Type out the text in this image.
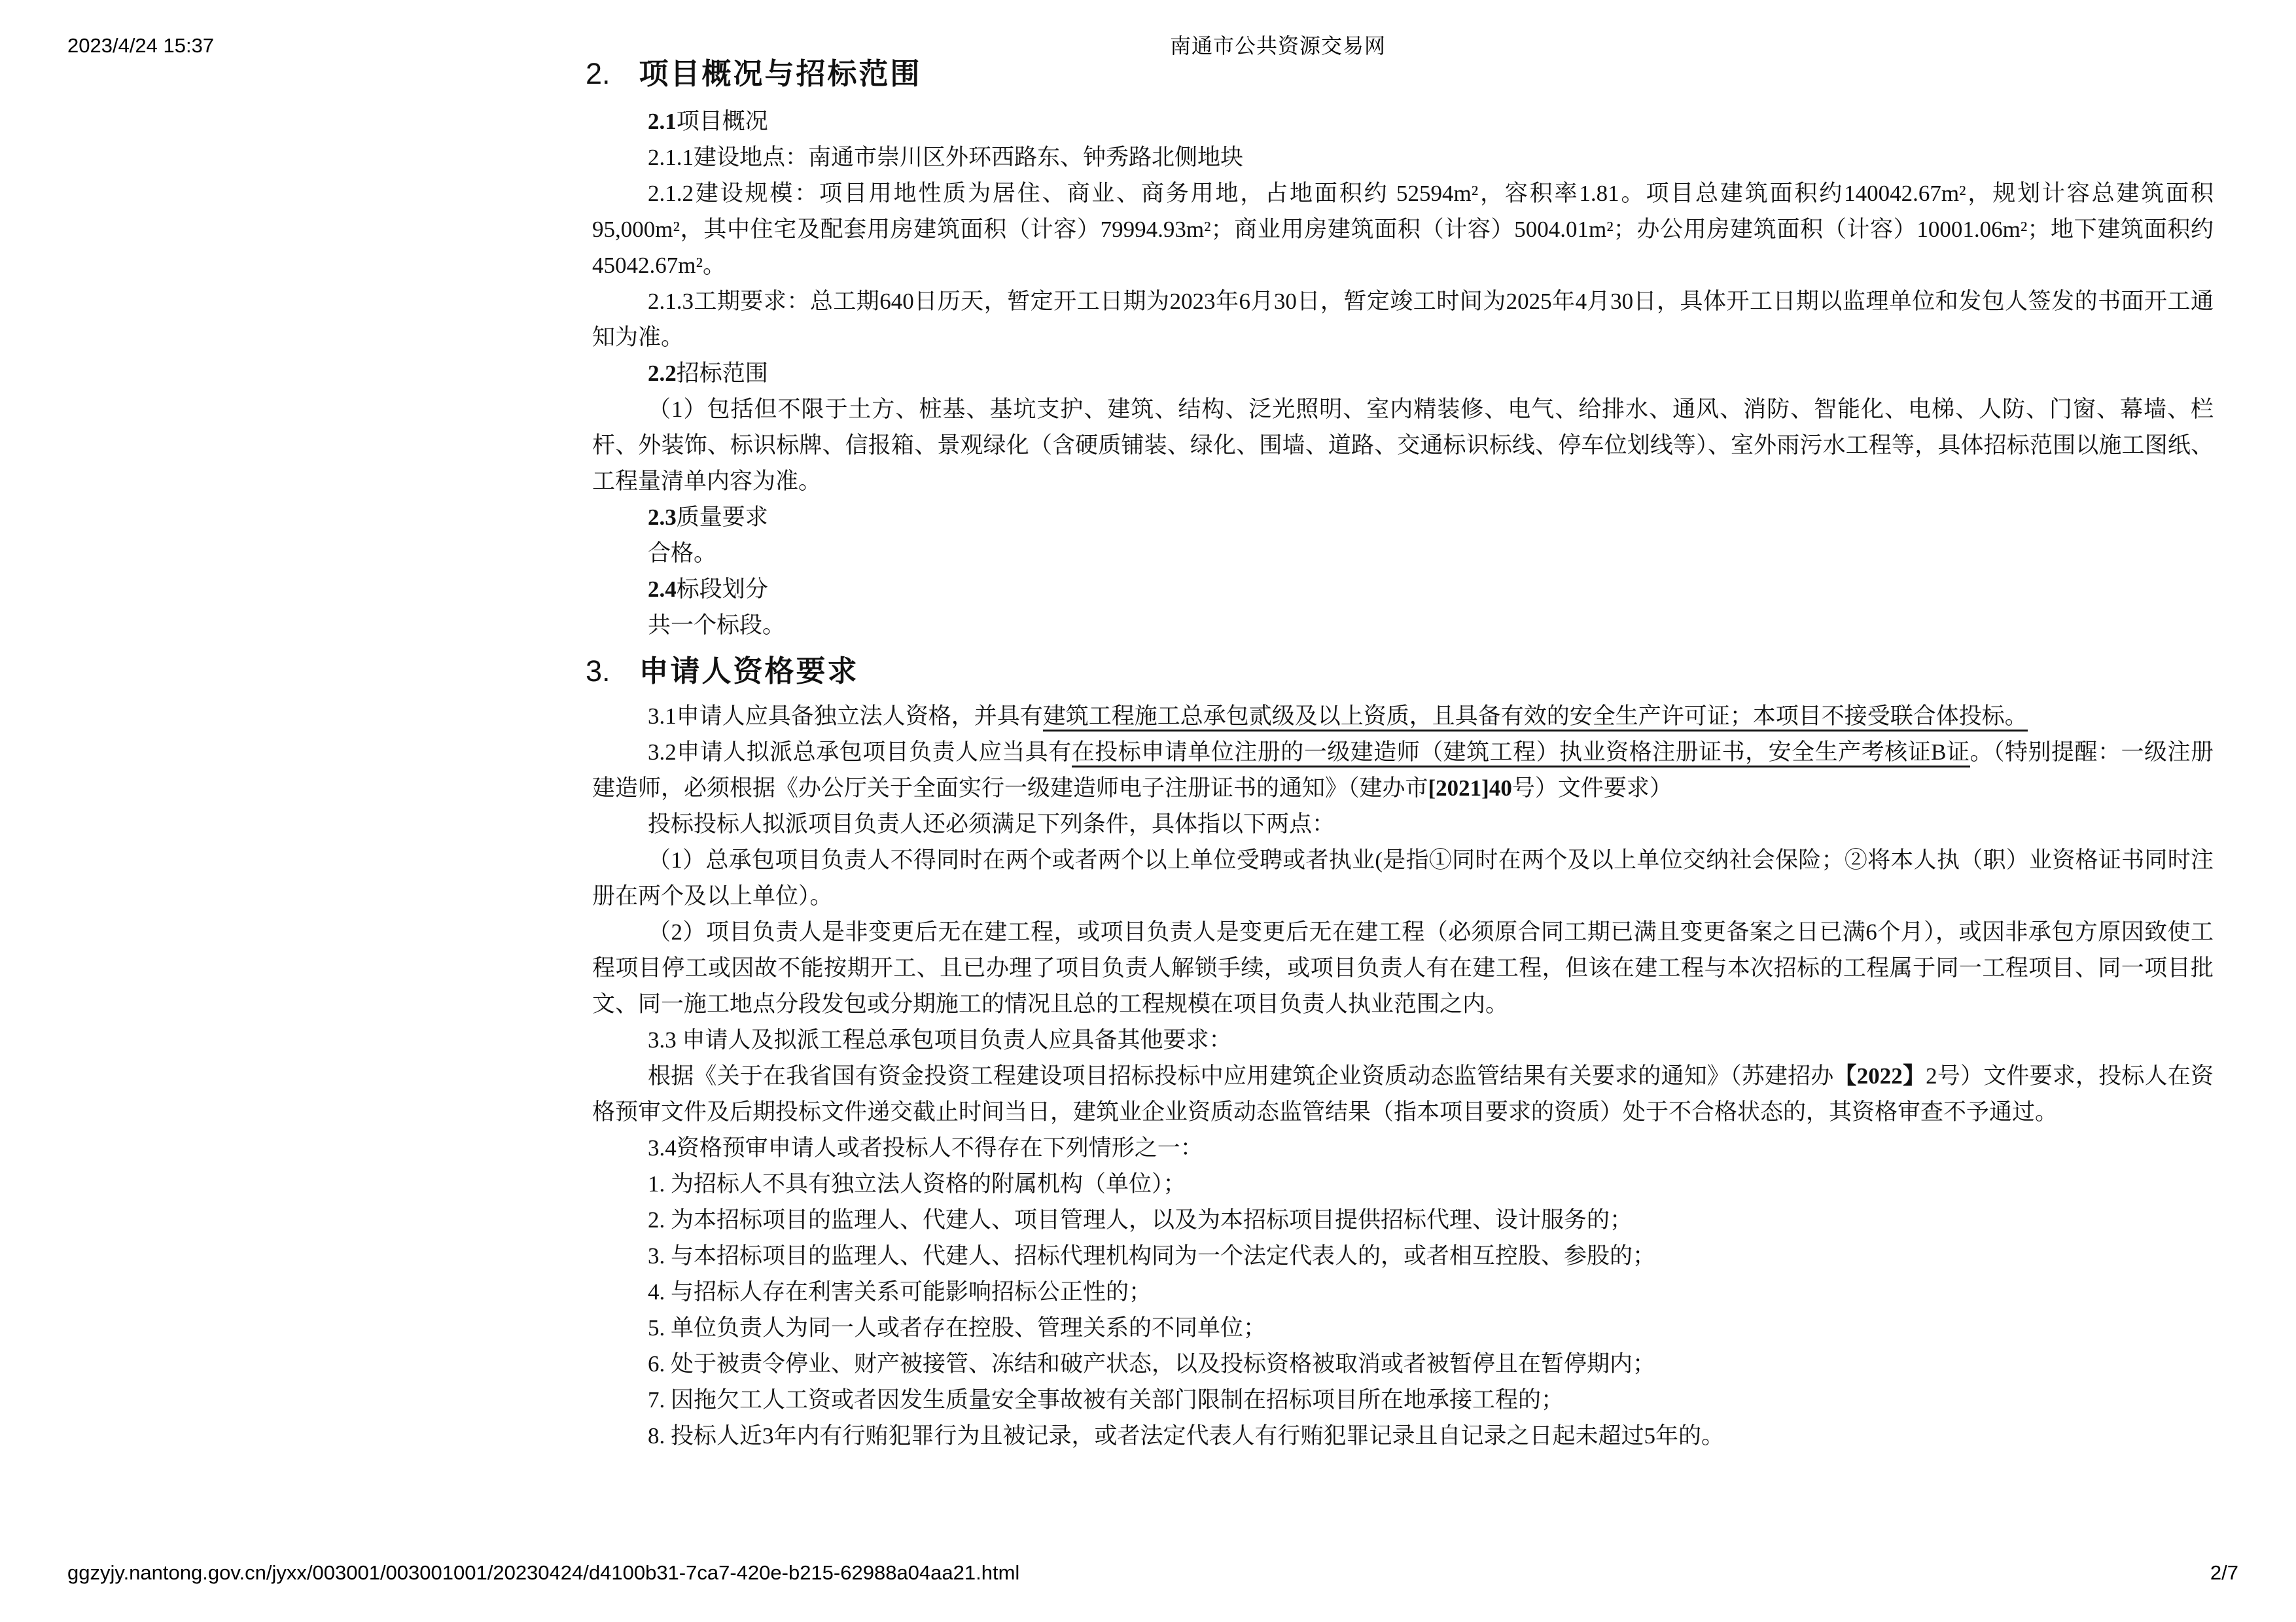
2023/4/24 15:37	南通市公共资源交易网
2. 项目概况与招标范围

2.1项目概况

2.1.1建设地点：南通市崇川区外环西路东、钟秀路北侧地块

2.1.2建设规模：项目用地性质为居住、商业、商务用地，占地面积约 52594m²，容积率1.81。项目总建筑面积约140042.67m²，规划计容总建筑面积 95,000m²，其中住宅及配套用房建筑面积（计容）79994.93m²；商业用房建筑面积（计容）5004.01m²；办公用房建筑面积（计容）10001.06m²；地下建筑面积约45042.67m²。

2.1.3工期要求：总工期640日历天，暂定开工日期为2023年6月30日，暂定竣工时间为2025年4月30日，具体开工日期以监理单位和发包人签发的书面开工通知为准。

2.2招标范围

（1）包括但不限于土方、桩基、基坑支护、建筑、结构、泛光照明、室内精装修、电气、给排水、通风、消防、智能化、电梯、人防、门窗、幕墙、栏杆、外装饰、标识标牌、信报箱、景观绿化（含硬质铺装、绿化、围墙、道路、交通标识标线、停车位划线等）、室外雨污水工程等，具体招标范围以施工图纸、工程量清单内容为准。

2.3质量要求

合格。

2.4标段划分

共一个标段。

3. 申请人资格要求

3.1申请人应具备独立法人资格，并具有建筑工程施工总承包贰级及以上资质，且具备有效的安全生产许可证；本项目不接受联合体投标。

3.2申请人拟派总承包项目负责人应当具有在投标申请单位注册的一级建造师（建筑工程）执业资格注册证书，安全生产考核证B证。（特别提醒：一级注册建造师，必须根据《办公厅关于全面实行一级建造师电子注册证书的通知》（建办市[2021]40号）文件要求）

投标投标人拟派项目负责人还必须满足下列条件，具体指以下两点：

（1）总承包项目负责人不得同时在两个或者两个以上单位受聘或者执业(是指①同时在两个及以上单位交纳社会保险；②将本人执（职）业资格证书同时注册在两个及以上单位）。

（2）项目负责人是非变更后无在建工程，或项目负责人是变更后无在建工程（必须原合同工期已满且变更备案之日已满6个月），或因非承包方原因致使工程项目停工或因故不能按期开工、且已办理了项目负责人解锁手续，或项目负责人有在建工程，但该在建工程与本次招标的工程属于同一工程项目、同一项目批文、同一施工地点分段发包或分期施工的情况且总的工程规模在项目负责人执业范围之内。

3.3 申请人及拟派工程总承包项目负责人应具备其他要求：

根据《关于在我省国有资金投资工程建设项目招标投标中应用建筑企业资质动态监管结果有关要求的通知》（苏建招办【2022】2号）文件要求，投标人在资格预审文件及后期投标文件递交截止时间当日，建筑业企业资质动态监管结果（指本项目要求的资质）处于不合格状态的，其资格审查不予通过。

3.4资格预审申请人或者投标人不得存在下列情形之一：

1. 为招标人不具有独立法人资格的附属机构（单位）；

2. 为本招标项目的监理人、代建人、项目管理人，以及为本招标项目提供招标代理、设计服务的；

3. 与本招标项目的监理人、代建人、招标代理机构同为一个法定代表人的，或者相互控股、参股的；

4. 与招标人存在利害关系可能影响招标公正性的；

5. 单位负责人为同一人或者存在控股、管理关系的不同单位；

6. 处于被责令停业、财产被接管、冻结和破产状态，以及投标资格被取消或者被暂停且在暂停期内；

7. 因拖欠工人工资或者因发生质量安全事故被有关部门限制在招标项目所在地承接工程的；

8. 投标人近3年内有行贿犯罪行为且被记录，或者法定代表人有行贿犯罪记录且自记录之日起未超过5年的。

ggzyjy.nantong.gov.cn/jyxx/003001/003001001/20230424/d4100b31-7ca7-420e-b215-62988a04aa21.html	2/7
